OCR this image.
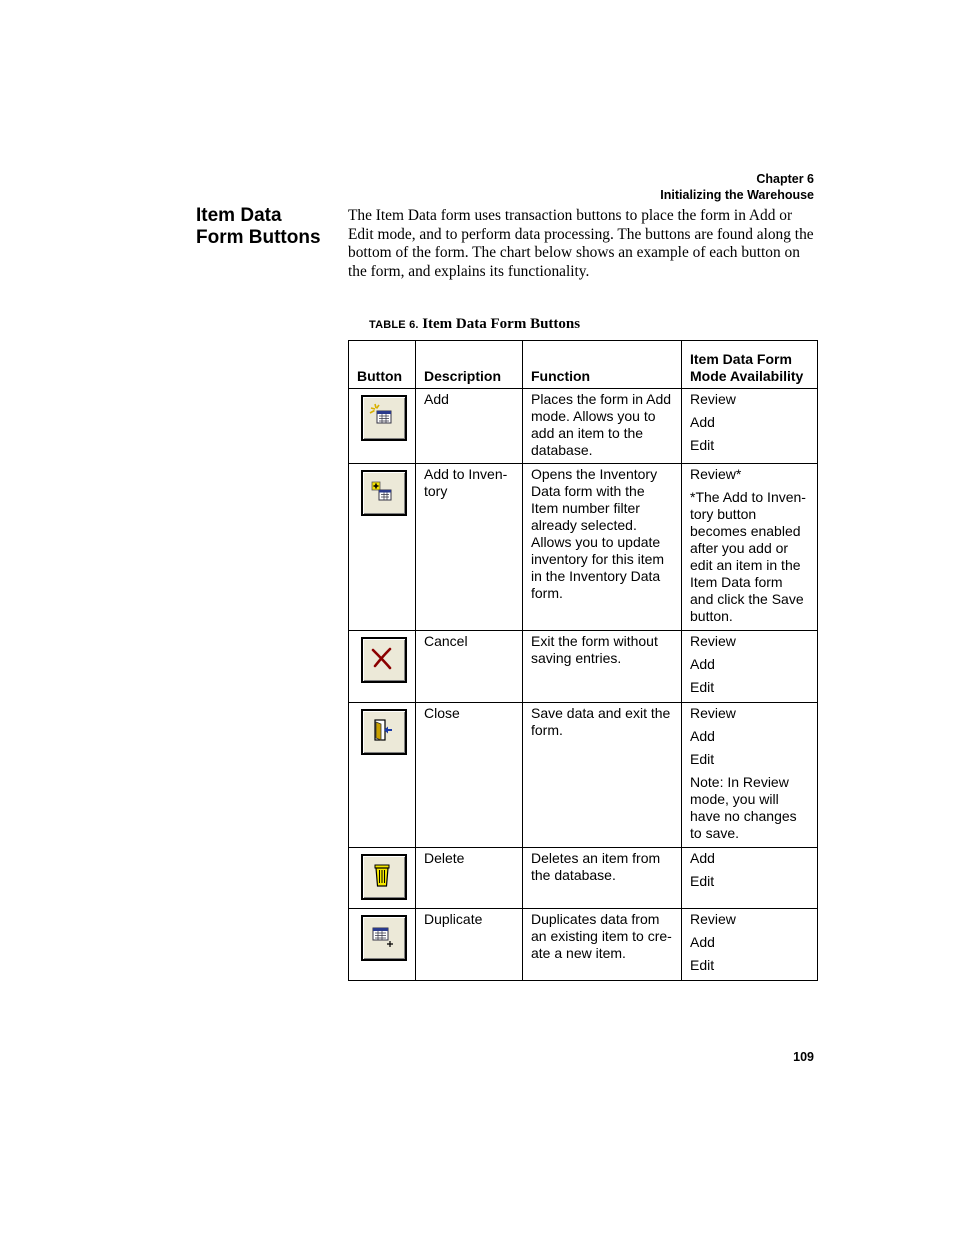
Chapter 6
Initializing the Warehouse
Item Data
Form Buttons
The Item Data form uses transaction buttons to place the form in Add or Edit mode, and to perform data processing. The buttons are found along the bottom of the form. The chart below shows an example of each button on the form, and explains its functionality.
TABLE 6. Item Data Form Buttons
Button	Description	Function	Item Data Form Mode Availability

	Add	Places the form in Add mode. Allows you to add an item to the database.	Review
Add
Edit

	Add to Inven-tory	Opens the Inventory Data form with the Item number filter already selected. Allows you to update inventory for this item in the Inventory Data form.	Review*
*The Add to Inven-tory button becomes enabled after you add or edit an item in the Item Data form and click the Save button.

	Cancel	Exit the form without saving entries.	Review
Add
Edit

	Close	Save data and exit the form.	Review
Add
Edit
Note: In Review mode, you will have no changes to save.

	Delete	Deletes an item from the database.	Add
Edit

	Duplicate	Duplicates data from an existing item to cre-ate a new item.	Review
Add
Edit
109
